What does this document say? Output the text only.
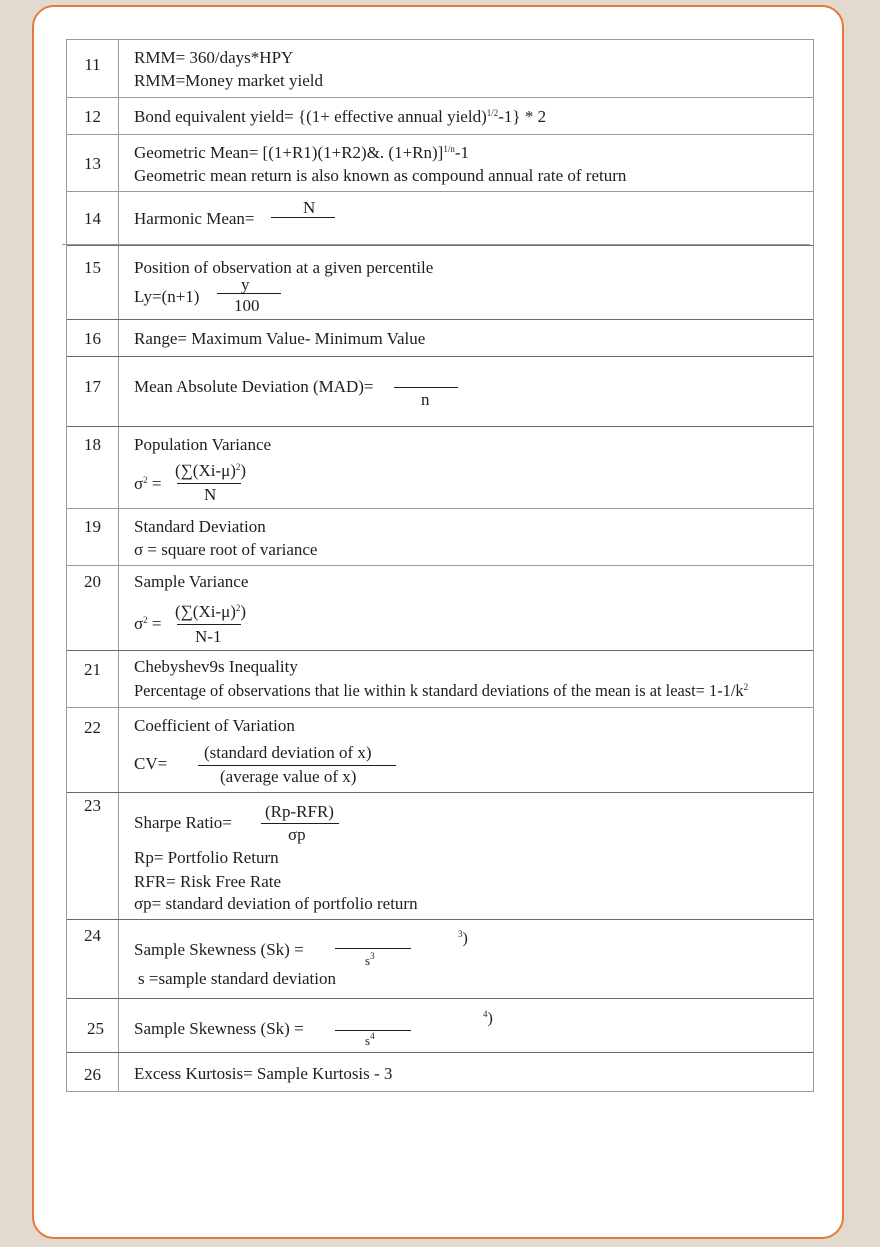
11	RMM= 360/days*HPY
RMM=Money market yield
12	Bond equivalent yield= {(1+ effective annual yield)$^{1/2}$-1} * 2
13
Geometric Mean= [(1+R1)(1+R2)&. (1+Rn)]$^{1/n}$-1
Geometric mean return is also known as compound annual rate of return
14	Harmonic Mean=
N
15	Position of observation at a given percentile
Ly=(n+1)
y
100
16	Range= Maximum Value- Minimum Value
17	Mean Absolute Deviation (MAD)=
n
18	Population Variance
$\sigma^2$ =
$(\sum(Xi-\mu)^2)$
N
19	Standard Deviation
σ = square root of variance
20	Sample Variance
$\sigma^2$ =
$(\sum(Xi-\mu)^2)$
N-1
21	Chebyshev9s Inequality
Percentage of observations that lie within k standard deviations of the mean is at least= $1-1/k^2$
22	Coefficient of Variation
CV=
(standard deviation of x)
(average value of x)
23
Sharpe Ratio=
(Rp-RFR)
σp
Rp= Portfolio Return
RFR= Risk Free Rate
σp= standard deviation of portfolio return
24
Sample Skewness (Sk) =
$s^3$
$^3$)
s =sample standard deviation
25	Sample Skewness (Sk) =
$s^4$
$^4$)
26	Excess Kurtosis= Sample Kurtosis - 3
